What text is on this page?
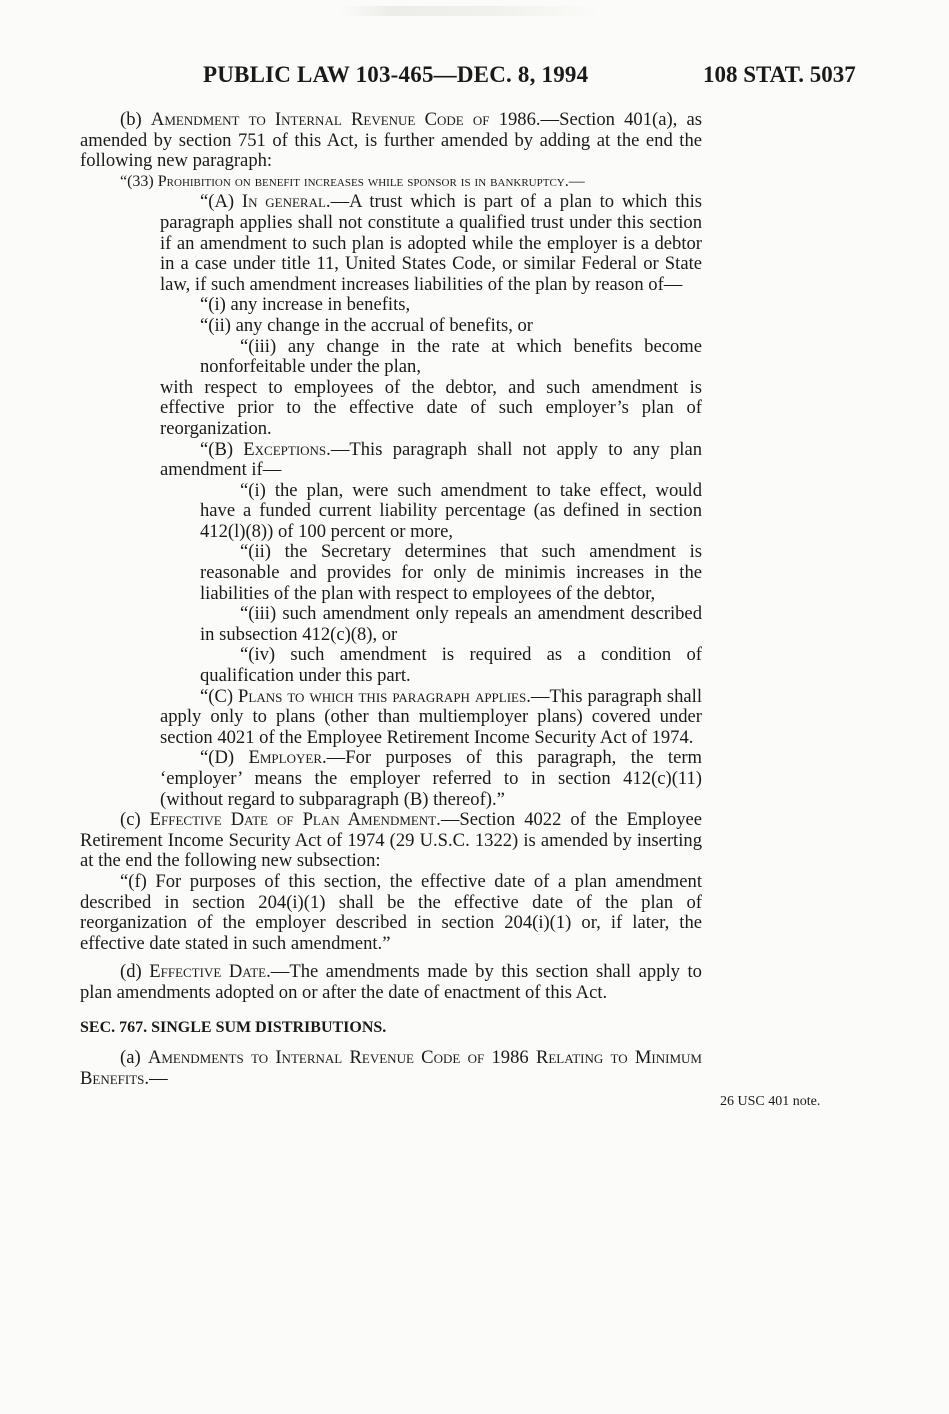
PUBLIC LAW 103-465—DEC. 8, 1994	108 STAT. 5037

(b) Amendment to Internal Revenue Code of 1986.—Section 401(a), as amended by section 751 of this Act, is further amended by adding at the end the following new paragraph:

“(33) Prohibition on benefit increases while sponsor is in bankruptcy.—

“(A) In general.—A trust which is part of a plan to which this paragraph applies shall not constitute a qualified trust under this section if an amendment to such plan is adopted while the employer is a debtor in a case under title 11, United States Code, or similar Federal or State law, if such amendment increases liabilities of the plan by reason of—

“(i) any increase in benefits,

“(ii) any change in the accrual of benefits, or

“(iii) any change in the rate at which benefits become nonforfeitable under the plan,

with respect to employees of the debtor, and such amendment is effective prior to the effective date of such employer’s plan of reorganization.

“(B) Exceptions.—This paragraph shall not apply to any plan amendment if—

“(i) the plan, were such amendment to take effect, would have a funded current liability percentage (as defined in section 412(l)(8)) of 100 percent or more,

“(ii) the Secretary determines that such amendment is reasonable and provides for only de minimis increases in the liabilities of the plan with respect to employees of the debtor,

“(iii) such amendment only repeals an amendment described in subsection 412(c)(8), or

“(iv) such amendment is required as a condition of qualification under this part.

“(C) Plans to which this paragraph applies.—This paragraph shall apply only to plans (other than multiemployer plans) covered under section 4021 of the Employee Retirement Income Security Act of 1974.

“(D) Employer.—For purposes of this paragraph, the term ‘employer’ means the employer referred to in section 412(c)(11) (without regard to subparagraph (B) thereof).”

(c) Effective Date of Plan Amendment.—Section 4022 of the Employee Retirement Income Security Act of 1974 (29 U.S.C. 1322) is amended by inserting at the end the following new subsection:

“(f) For purposes of this section, the effective date of a plan amendment described in section 204(i)(1) shall be the effective date of the plan of reorganization of the employer described in section 204(i)(1) or, if later, the effective date stated in such amendment.”

(d) Effective Date.—The amendments made by this section shall apply to plan amendments adopted on or after the date of enactment of this Act.

SEC. 767. SINGLE SUM DISTRIBUTIONS.

(a) Amendments to Internal Revenue Code of 1986 Relating to Minimum Benefits.—

26 USC 401 note.
